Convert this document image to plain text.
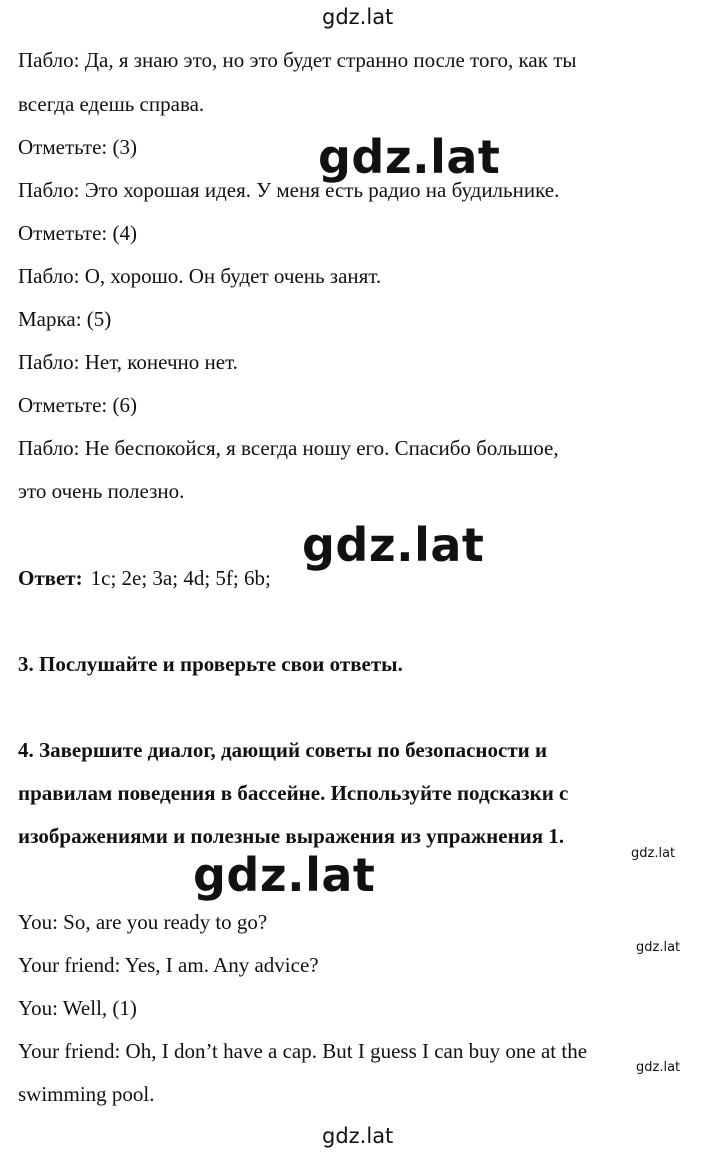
gdz.lat
Пабло: Да, я знаю это, но это будет странно после того, как ты
всегда едешь справа.
Отметьте: (3)
Пабло: Это хорошая идея. У меня есть радио на будильнике.
Отметьте: (4)
Пабло: О, хорошо. Он будет очень занят.
Марка: (5)
Пабло: Нет, конечно нет.
Отметьте: (6)
Пабло: Не беспокойся, я всегда ношу его. Спасибо большое,
это очень полезно.
Ответ: 1c; 2e; 3a; 4d; 5f; 6b;
3. Послушайте и проверьте свои ответы.
4. Завершите диалог, дающий советы по безопасности и
правилам поведения в бассейне. Используйте подсказки с
изображениями и полезные выражения из упражнения 1.
You: So, are you ready to go?
Your friend: Yes, I am. Any advice?
You: Well, (1)
Your friend: Oh, I don’t have a cap. But I guess I can buy one at the
swimming pool.
gdz.lat
gdz.lat
gdz.lat	gdz.lat
gdz.lat
gdz.lat
gdz.lat
